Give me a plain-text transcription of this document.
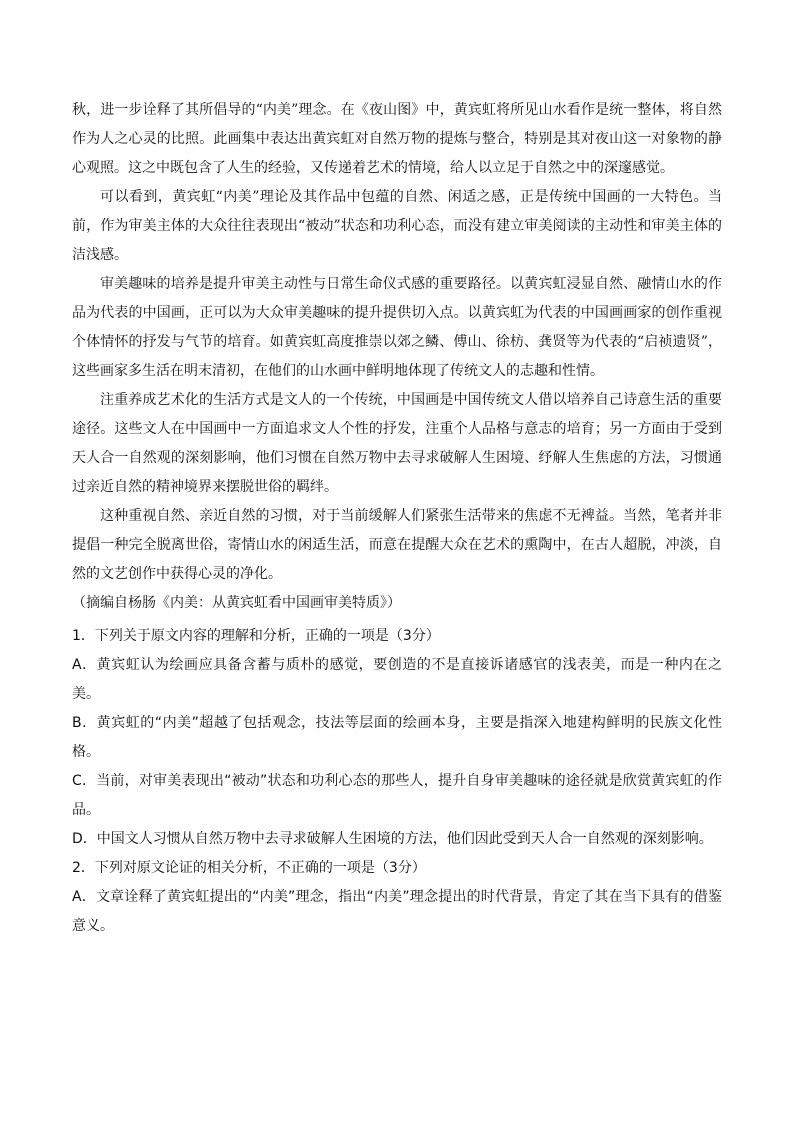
秋，进一步诠释了其所倡导的“内美”理念。在《夜山图》中，黄宾虹将所见山水看作是统一整体，将自然作为人之心灵的比照。此画集中表达出黄宾虹对自然万物的提炼与整合，特别是其对夜山这一对象物的静心观照。这之中既包含了人生的经验，又传递着艺术的情境，给人以立足于自然之中的深邃感觉。

可以看到，黄宾虹“内美”理论及其作品中包蕴的自然、闲适之感，正是传统中国画的一大特色。当前，作为审美主体的大众往往表现出“被动”状态和功利心态，而没有建立审美阅读的主动性和审美主体的洁浅感。

审美趣味的培养是提升审美主动性与日常生命仪式感的重要路径。以黄宾虹浸显自然、融情山水的作品为代表的中国画，正可以为大众审美趣味的提升提供切入点。以黄宾虹为代表的中国画画家的创作重视个体情怀的抒发与气节的培育。如黄宾虹高度推崇以郊之鳞、傅山、徐枋、龚贤等为代表的“启祯遗贤”，这些画家多生活在明末清初，在他们的山水画中鲜明地体现了传统文人的志趣和性情。

注重养成艺术化的生活方式是文人的一个传统，中国画是中国传统文人借以培养自己诗意生活的重要途径。这些文人在中国画中一方面追求文人个性的抒发，注重个人品格与意志的培育；另一方面由于受到天人合一自然观的深刻影响，他们习惯在自然万物中去寻求破解人生困境、纾解人生焦虑的方法，习惯通过亲近自然的精神境界来摆脱世俗的羁绊。

这种重视自然、亲近自然的习惯，对于当前缓解人们紧张生活带来的焦虑不无裨益。当然，笔者并非提倡一种完全脱离世俗，寄情山水的闲适生活，而意在提醒大众在艺术的熏陶中，在古人超脱，冲淡，自然的文艺创作中获得心灵的净化。

（摘编自杨肠《内美：从黄宾虹看中国画审美特质》）

1．下列关于原文内容的理解和分析，正确的一项是（3分）

A．黄宾虹认为绘画应具备含蓄与质朴的感觉，要创造的不是直接诉诸感官的浅表美，而是一种内在之美。

B．黄宾虹的“内美”超越了包括观念，技法等层面的绘画本身，主要是指深入地建构鲜明的民族文化性格。

C．当前，对审美表现出“被动”状态和功利心态的那些人，提升自身审美趣味的途径就是欣赏黄宾虹的作品。

D．中国文人习惯从自然万物中去寻求破解人生困境的方法，他们因此受到天人合一自然观的深刻影响。

2．下列对原文论证的相关分析，不正确的一项是（3分）

A．文章诠释了黄宾虹提出的“内美”理念，指出“内美”理念提出的时代背景，肯定了其在当下具有的借鉴意义。
